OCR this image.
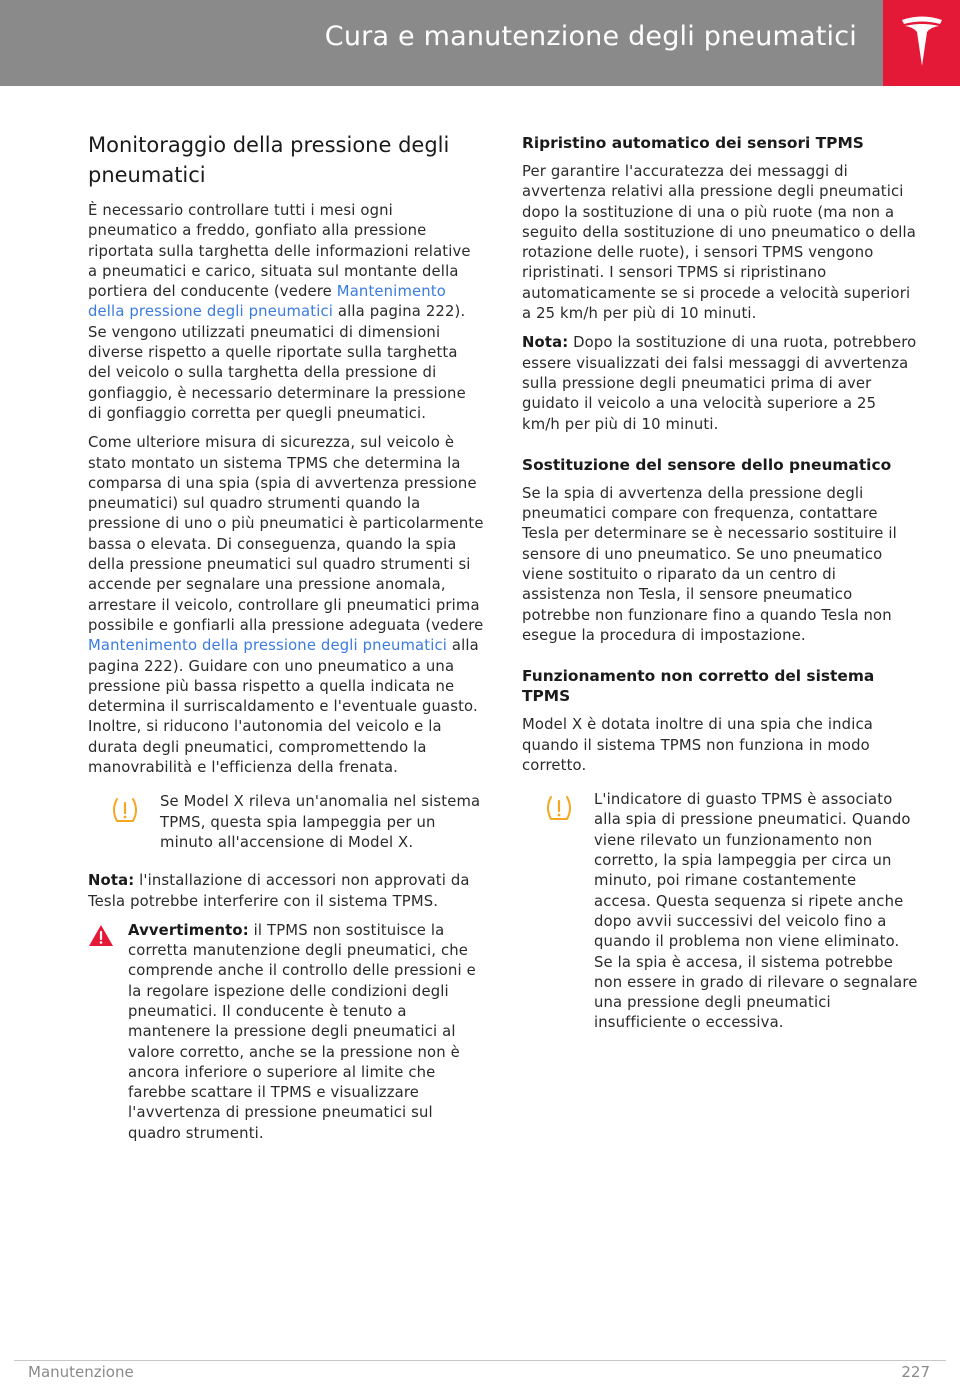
Cura e manutenzione degli pneumatici
Monitoraggio della pressione degli pneumatici

È necessario controllare tutti i mesi ogni pneumatico a freddo, gonfiato alla pressione riportata sulla targhetta delle informazioni relative a pneumatici e carico, situata sul montante della portiera del conducente (vedere Mantenimento della pressione degli pneumatici alla pagina 222). Se vengono utilizzati pneumatici di dimensioni diverse rispetto a quelle riportate sulla targhetta del veicolo o sulla targhetta della pressione di gonfiaggio, è necessario determinare la pressione di gonfiaggio corretta per quegli pneumatici.

Come ulteriore misura di sicurezza, sul veicolo è stato montato un sistema TPMS che determina la comparsa di una spia (spia di avvertenza pressione pneumatici) sul quadro strumenti quando la pressione di uno o più pneumatici è particolarmente bassa o elevata. Di conseguenza, quando la spia della pressione pneumatici sul quadro strumenti si accende per segnalare una pressione anomala, arrestare il veicolo, controllare gli pneumatici prima possibile e gonfiarli alla pressione adeguata (vedere Mantenimento della pressione degli pneumatici alla pagina 222). Guidare con uno pneumatico a una pressione più bassa rispetto a quella indicata ne determina il surriscaldamento e l'eventuale guasto. Inoltre, si riducono l'autonomia del veicolo e la durata degli pneumatici, compromettendo la manovrabilità e l'efficienza della frenata.

Se Model X rileva un'anomalia nel sistema TPMS, questa spia lampeggia per un minuto all'accensione di Model X.

Nota: l'installazione di accessori non approvati da Tesla potrebbe interferire con il sistema TPMS.

Avvertimento: il TPMS non sostituisce la corretta manutenzione degli pneumatici, che comprende anche il controllo delle pressioni e la regolare ispezione delle condizioni degli pneumatici. Il conducente è tenuto a mantenere la pressione degli pneumatici al valore corretto, anche se la pressione non è ancora inferiore o superiore al limite che farebbe scattare il TPMS e visualizzare l'avvertenza di pressione pneumatici sul quadro strumenti.

Ripristino automatico dei sensori TPMS

Per garantire l'accuratezza dei messaggi di avvertenza relativi alla pressione degli pneumatici dopo la sostituzione di una o più ruote (ma non a seguito della sostituzione di uno pneumatico o della rotazione delle ruote), i sensori TPMS vengono ripristinati. I sensori TPMS si ripristinano automaticamente se si procede a velocità superiori a 25 km/h per più di 10 minuti.

Nota: Dopo la sostituzione di una ruota, potrebbero essere visualizzati dei falsi messaggi di avvertenza sulla pressione degli pneumatici prima di aver guidato il veicolo a una velocità superiore a 25 km/h per più di 10 minuti.

Sostituzione del sensore dello pneumatico

Se la spia di avvertenza della pressione degli pneumatici compare con frequenza, contattare Tesla per determinare se è necessario sostituire il sensore di uno pneumatico. Se uno pneumatico viene sostituito o riparato da un centro di assistenza non Tesla, il sensore pneumatico potrebbe non funzionare fino a quando Tesla non esegue la procedura di impostazione.

Funzionamento non corretto del sistema TPMS

Model X è dotata inoltre di una spia che indica quando il sistema TPMS non funziona in modo corretto.

L'indicatore di guasto TPMS è associato alla spia di pressione pneumatici. Quando viene rilevato un funzionamento non corretto, la spia lampeggia per circa un minuto, poi rimane costantemente accesa. Questa sequenza si ripete anche dopo avvii successivi del veicolo fino a quando il problema non viene eliminato. Se la spia è accesa, il sistema potrebbe non essere in grado di rilevare o segnalare una pressione degli pneumatici insufficiente o eccessiva.

Manutenzione	227
